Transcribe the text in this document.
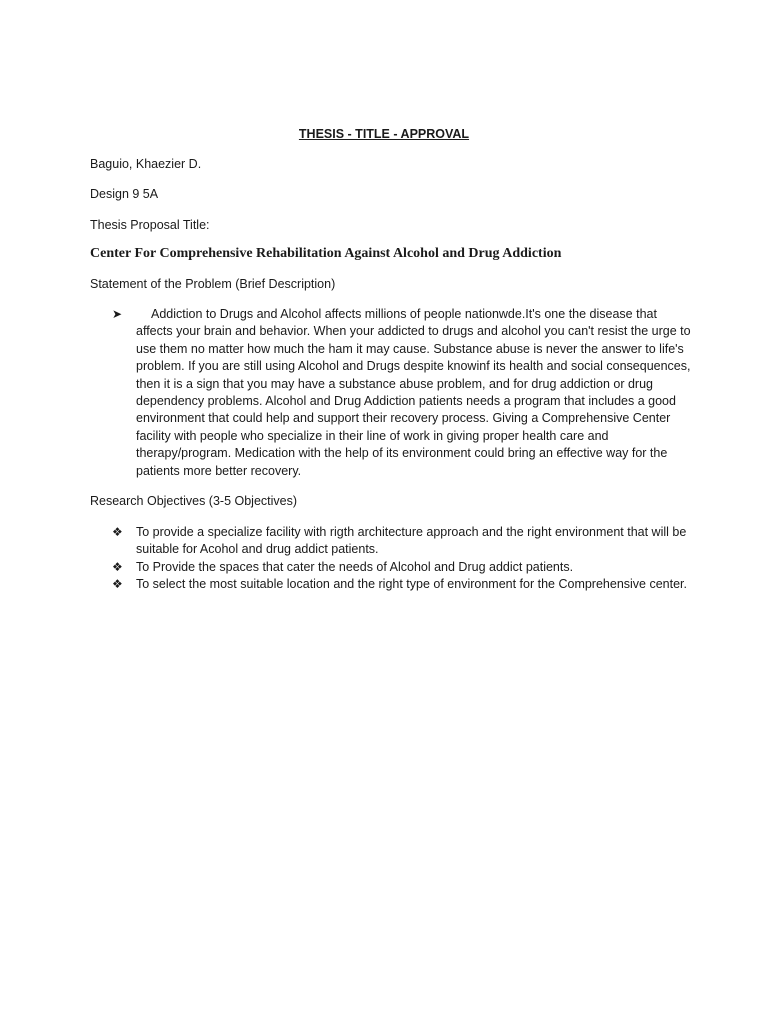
THESIS - TITLE - APPROVAL

Baguio, Khaezier D.

Design 9 5A

Thesis Proposal Title:

Center For Comprehensive Rehabilitation Against Alcohol and Drug Addiction

Statement of the Problem (Brief Description)

➤	Addiction to Drugs and Alcohol affects millions of people nationwde.It's one the disease that affects your brain and behavior. When your addicted to drugs and alcohol you can't resist the urge to use them no matter how much the ham it may cause. Substance abuse is never the answer to life's problem. If you are still using Alcohol and Drugs despite knowinf its health and social consequences, then it is a sign that you may have a substance abuse problem, and for drug addiction or drug dependency problems. Alcohol and Drug Addiction patients needs a program that includes a good environment that could help and support their recovery process. Giving a Comprehensive Center facility with people who specialize in their line of work in giving proper health care and therapy/program. Medication with the help of its environment could bring an effective way for the patients more better recovery.

Research Objectives (3-5 Objectives)

❖ To provide a specialize facility with rigth architecture approach and the right environment that will be suitable for Acohol and drug addict patients.
❖ To Provide the spaces that cater the needs of Alcohol and Drug addict patients.
❖ To select the most suitable location and the right type of environment for the Comprehensive center.
